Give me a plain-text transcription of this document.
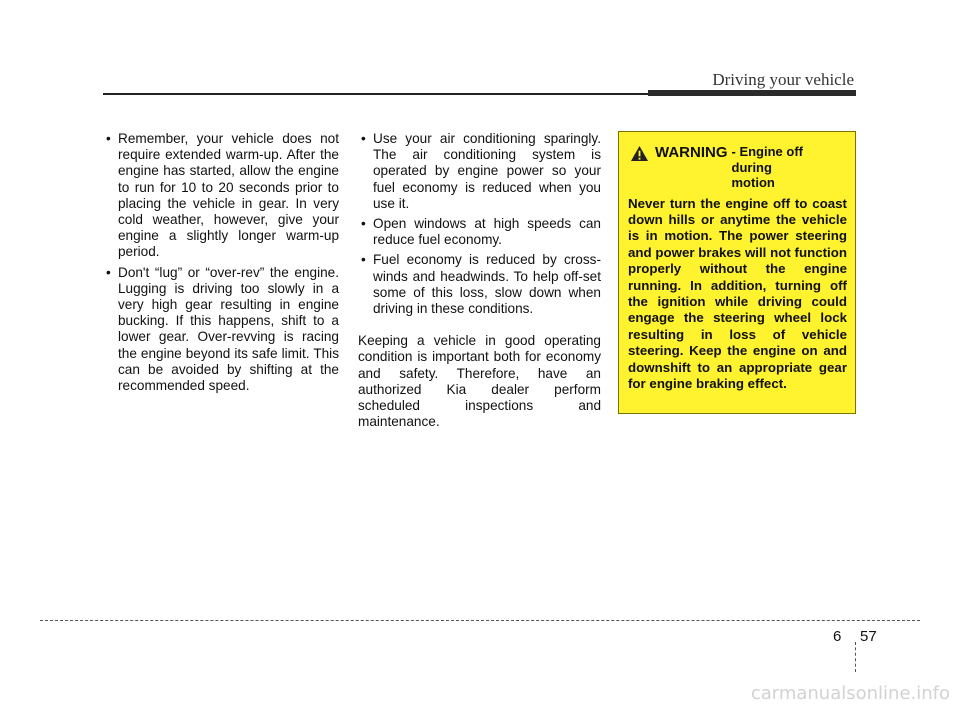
Driving your vehicle
• Remember, your vehicle does not require extended warm-up. After the engine has started, allow the engine to run for 10 to 20 seconds prior to placing the vehicle in gear. In very cold weather, however, give your engine a slightly longer warm-up period.
• Don't “lug” or “over-rev” the engine. Lugging is driving too slowly in a very high gear resulting in engine bucking. If this happens, shift to a lower gear. Over-revving is racing the engine beyond its safe limit. This can be avoided by shifting at the recommended speed.
• Use your air conditioning sparingly. The air conditioning system is operated by engine power so your fuel economy is reduced when you use it.
• Open windows at high speeds can reduce fuel economy.
• Fuel economy is reduced by cross-winds and headwinds. To help off-set some of this loss, slow down when driving in these conditions.

Keeping a vehicle in good operating condition is important both for economy and safety. Therefore, have an authorized Kia dealer perform scheduled inspections and maintenance.

WARNING - Engine off
during
motion
Never turn the engine off to coast down hills or anytime the vehicle is in motion. The power steering and power brakes will not function properly without the engine running. In addition, turning off the ignition while driving could engage the steering wheel lock resulting in loss of vehicle steering. Keep the engine on and downshift to an appropriate gear for engine braking effect.
6 57
carmanualsonline.info
